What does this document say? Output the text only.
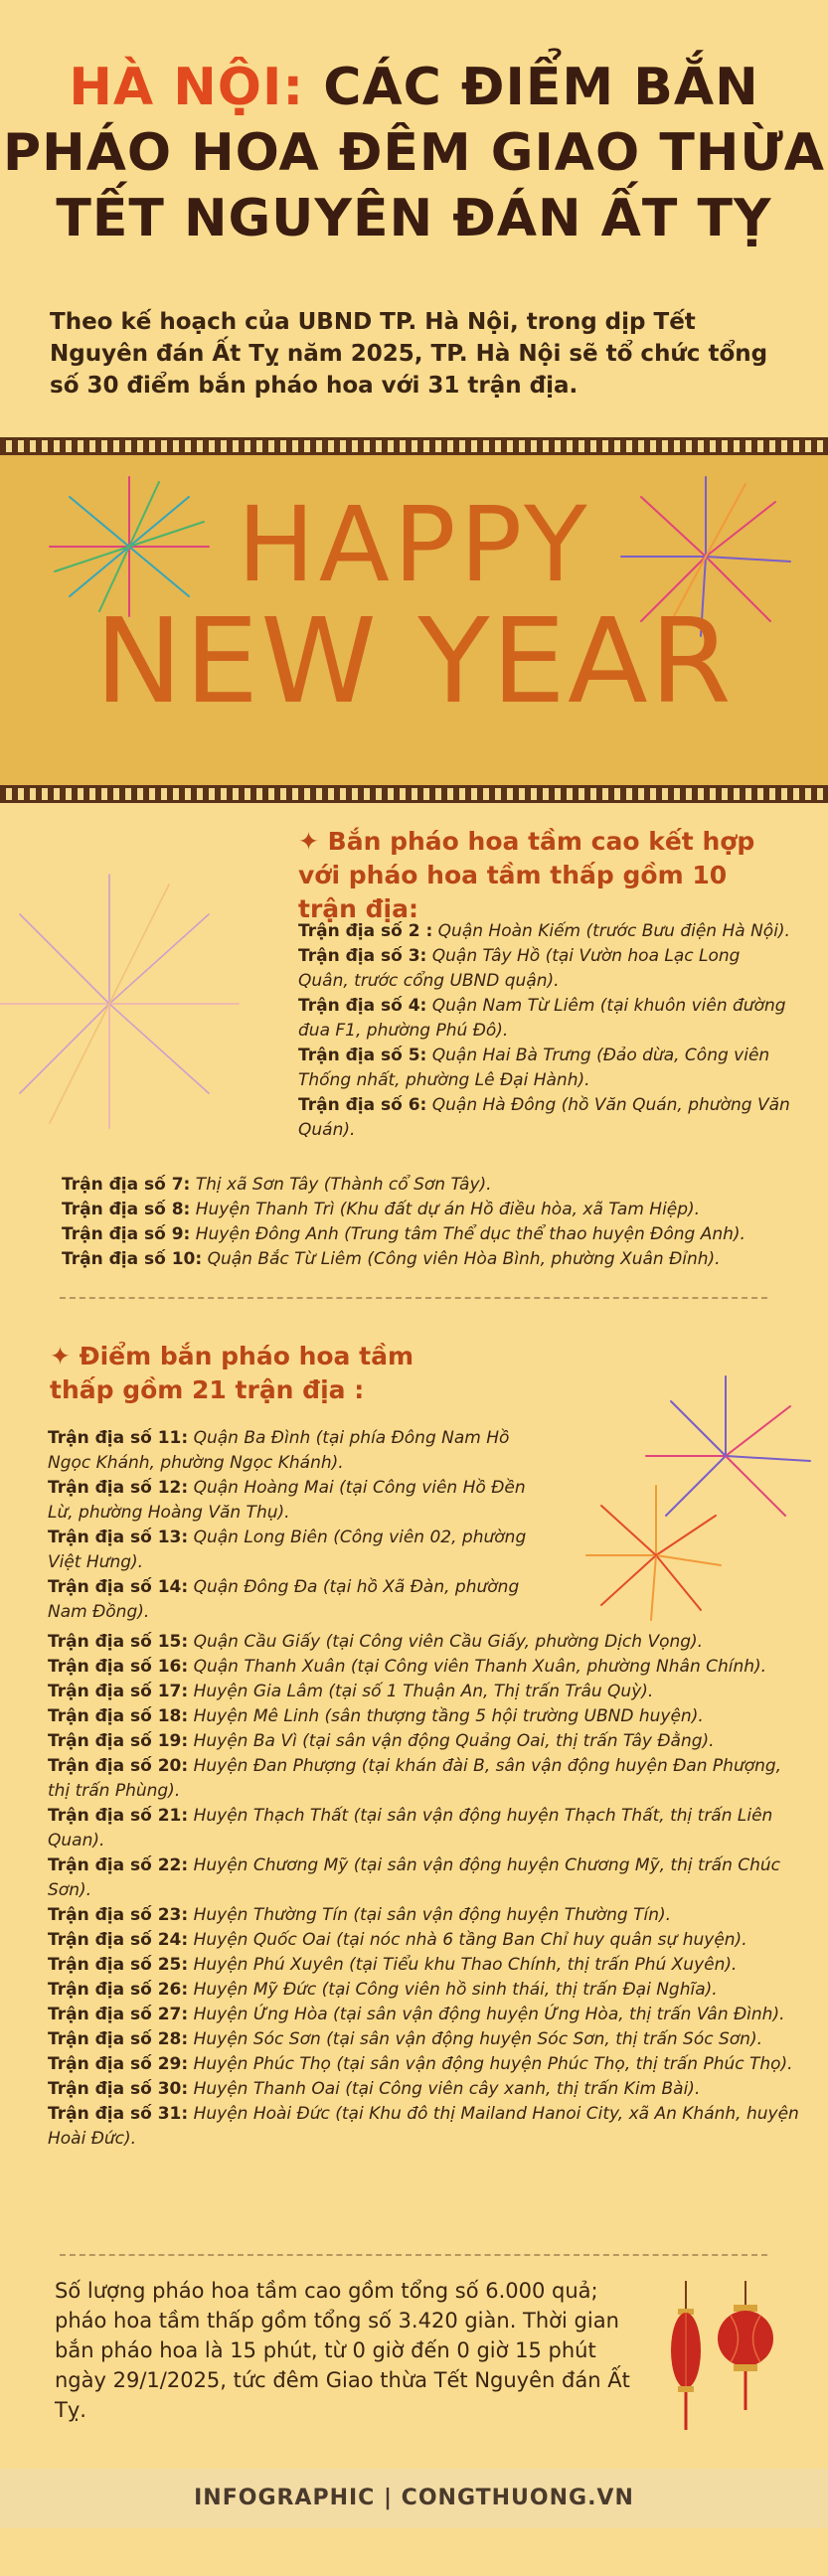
HÀ NỘI: CÁC ĐIỂM BẮN
PHÁO HOA ĐÊM GIAO THỪA
TẾT NGUYÊN ĐÁN ẤT TỴ
Theo kế hoạch của UBND TP. Hà Nội, trong dịp Tết Nguyên đán Ất Tỵ năm 2025, TP. Hà Nội sẽ tổ chức tổng số 30 điểm bắn pháo hoa với 31 trận địa.
HAPPY
NEW YEAR
✦ Bắn pháo hoa tầm cao kết hợp với pháo hoa tầm thấp gồm 10 trận địa:

Trận địa số 2 : Quận Hoàn Kiếm (trước Bưu điện Hà Nội).

Trận địa số 3: Quận Tây Hồ (tại Vườn hoa Lạc Long Quân, trước cổng UBND quận).

Trận địa số 4: Quận Nam Từ Liêm (tại khuôn viên đường đua F1, phường Phú Đô).

Trận địa số 5: Quận Hai Bà Trưng (Đảo dừa, Công viên Thống nhất, phường Lê Đại Hành).

Trận địa số 6: Quận Hà Đông (hồ Văn Quán, phường Văn Quán).

Trận địa số 7: Thị xã Sơn Tây (Thành cổ Sơn Tây).

Trận địa số 8: Huyện Thanh Trì (Khu đất dự án Hồ điều hòa, xã Tam Hiệp).

Trận địa số 9: Huyện Đông Anh (Trung tâm Thể dục thể thao huyện Đông Anh).

Trận địa số 10: Quận Bắc Từ Liêm (Công viên Hòa Bình, phường Xuân Đỉnh).

✦ Điểm bắn pháo hoa tầm thấp gồm 21 trận địa :

Trận địa số 11: Quận Ba Đình (tại phía Đông Nam Hồ Ngọc Khánh, phường Ngọc Khánh).

Trận địa số 12: Quận Hoàng Mai (tại Công viên Hồ Đền Lừ, phường Hoàng Văn Thụ).

Trận địa số 13: Quận Long Biên (Công viên 02, phường Việt Hưng).

Trận địa số 14: Quận Đông Đa (tại hồ Xã Đàn, phường Nam Đồng).

Trận địa số 15: Quận Cầu Giấy (tại Công viên Cầu Giấy, phường Dịch Vọng).

Trận địa số 16: Quận Thanh Xuân (tại Công viên Thanh Xuân, phường Nhân Chính).

Trận địa số 17: Huyện Gia Lâm (tại số 1 Thuận An, Thị trấn Trâu Quỳ).

Trận địa số 18: Huyện Mê Linh (sân thượng tầng 5 hội trường UBND huyện).

Trận địa số 19: Huyện Ba Vì (tại sân vận động Quảng Oai, thị trấn Tây Đằng).

Trận địa số 20: Huyện Đan Phượng (tại khán đài B, sân vận động huyện Đan Phượng, thị trấn Phùng).

Trận địa số 21: Huyện Thạch Thất (tại sân vận động huyện Thạch Thất, thị trấn Liên Quan).

Trận địa số 22: Huyện Chương Mỹ (tại sân vận động huyện Chương Mỹ, thị trấn Chúc Sơn).

Trận địa số 23: Huyện Thường Tín (tại sân vận động huyện Thường Tín).

Trận địa số 24: Huyện Quốc Oai (tại nóc nhà 6 tầng Ban Chỉ huy quân sự huyện).

Trận địa số 25: Huyện Phú Xuyên (tại Tiểu khu Thao Chính, thị trấn Phú Xuyên).

Trận địa số 26: Huyện Mỹ Đức (tại Công viên hồ sinh thái, thị trấn Đại Nghĩa).

Trận địa số 27: Huyện Ứng Hòa (tại sân vận động huyện Ứng Hòa, thị trấn Vân Đình).

Trận địa số 28: Huyện Sóc Sơn (tại sân vận động huyện Sóc Sơn, thị trấn Sóc Sơn).

Trận địa số 29: Huyện Phúc Thọ (tại sân vận động huyện Phúc Thọ, thị trấn Phúc Thọ).

Trận địa số 30: Huyện Thanh Oai (tại Công viên cây xanh, thị trấn Kim Bài).

Trận địa số 31: Huyện Hoài Đức (tại Khu đô thị Mailand Hanoi City, xã An Khánh, huyện Hoài Đức).

Số lượng pháo hoa tầm cao gồm tổng số 6.000 quả; pháo hoa tầm thấp gồm tổng số 3.420 giàn. Thời gian bắn pháo hoa là 15 phút, từ 0 giờ đến 0 giờ 15 phút ngày 29/1/2025, tức đêm Giao thừa Tết Nguyên đán Ất Tỵ.
INFOGRAPHIC | CONGTHUONG.VN
